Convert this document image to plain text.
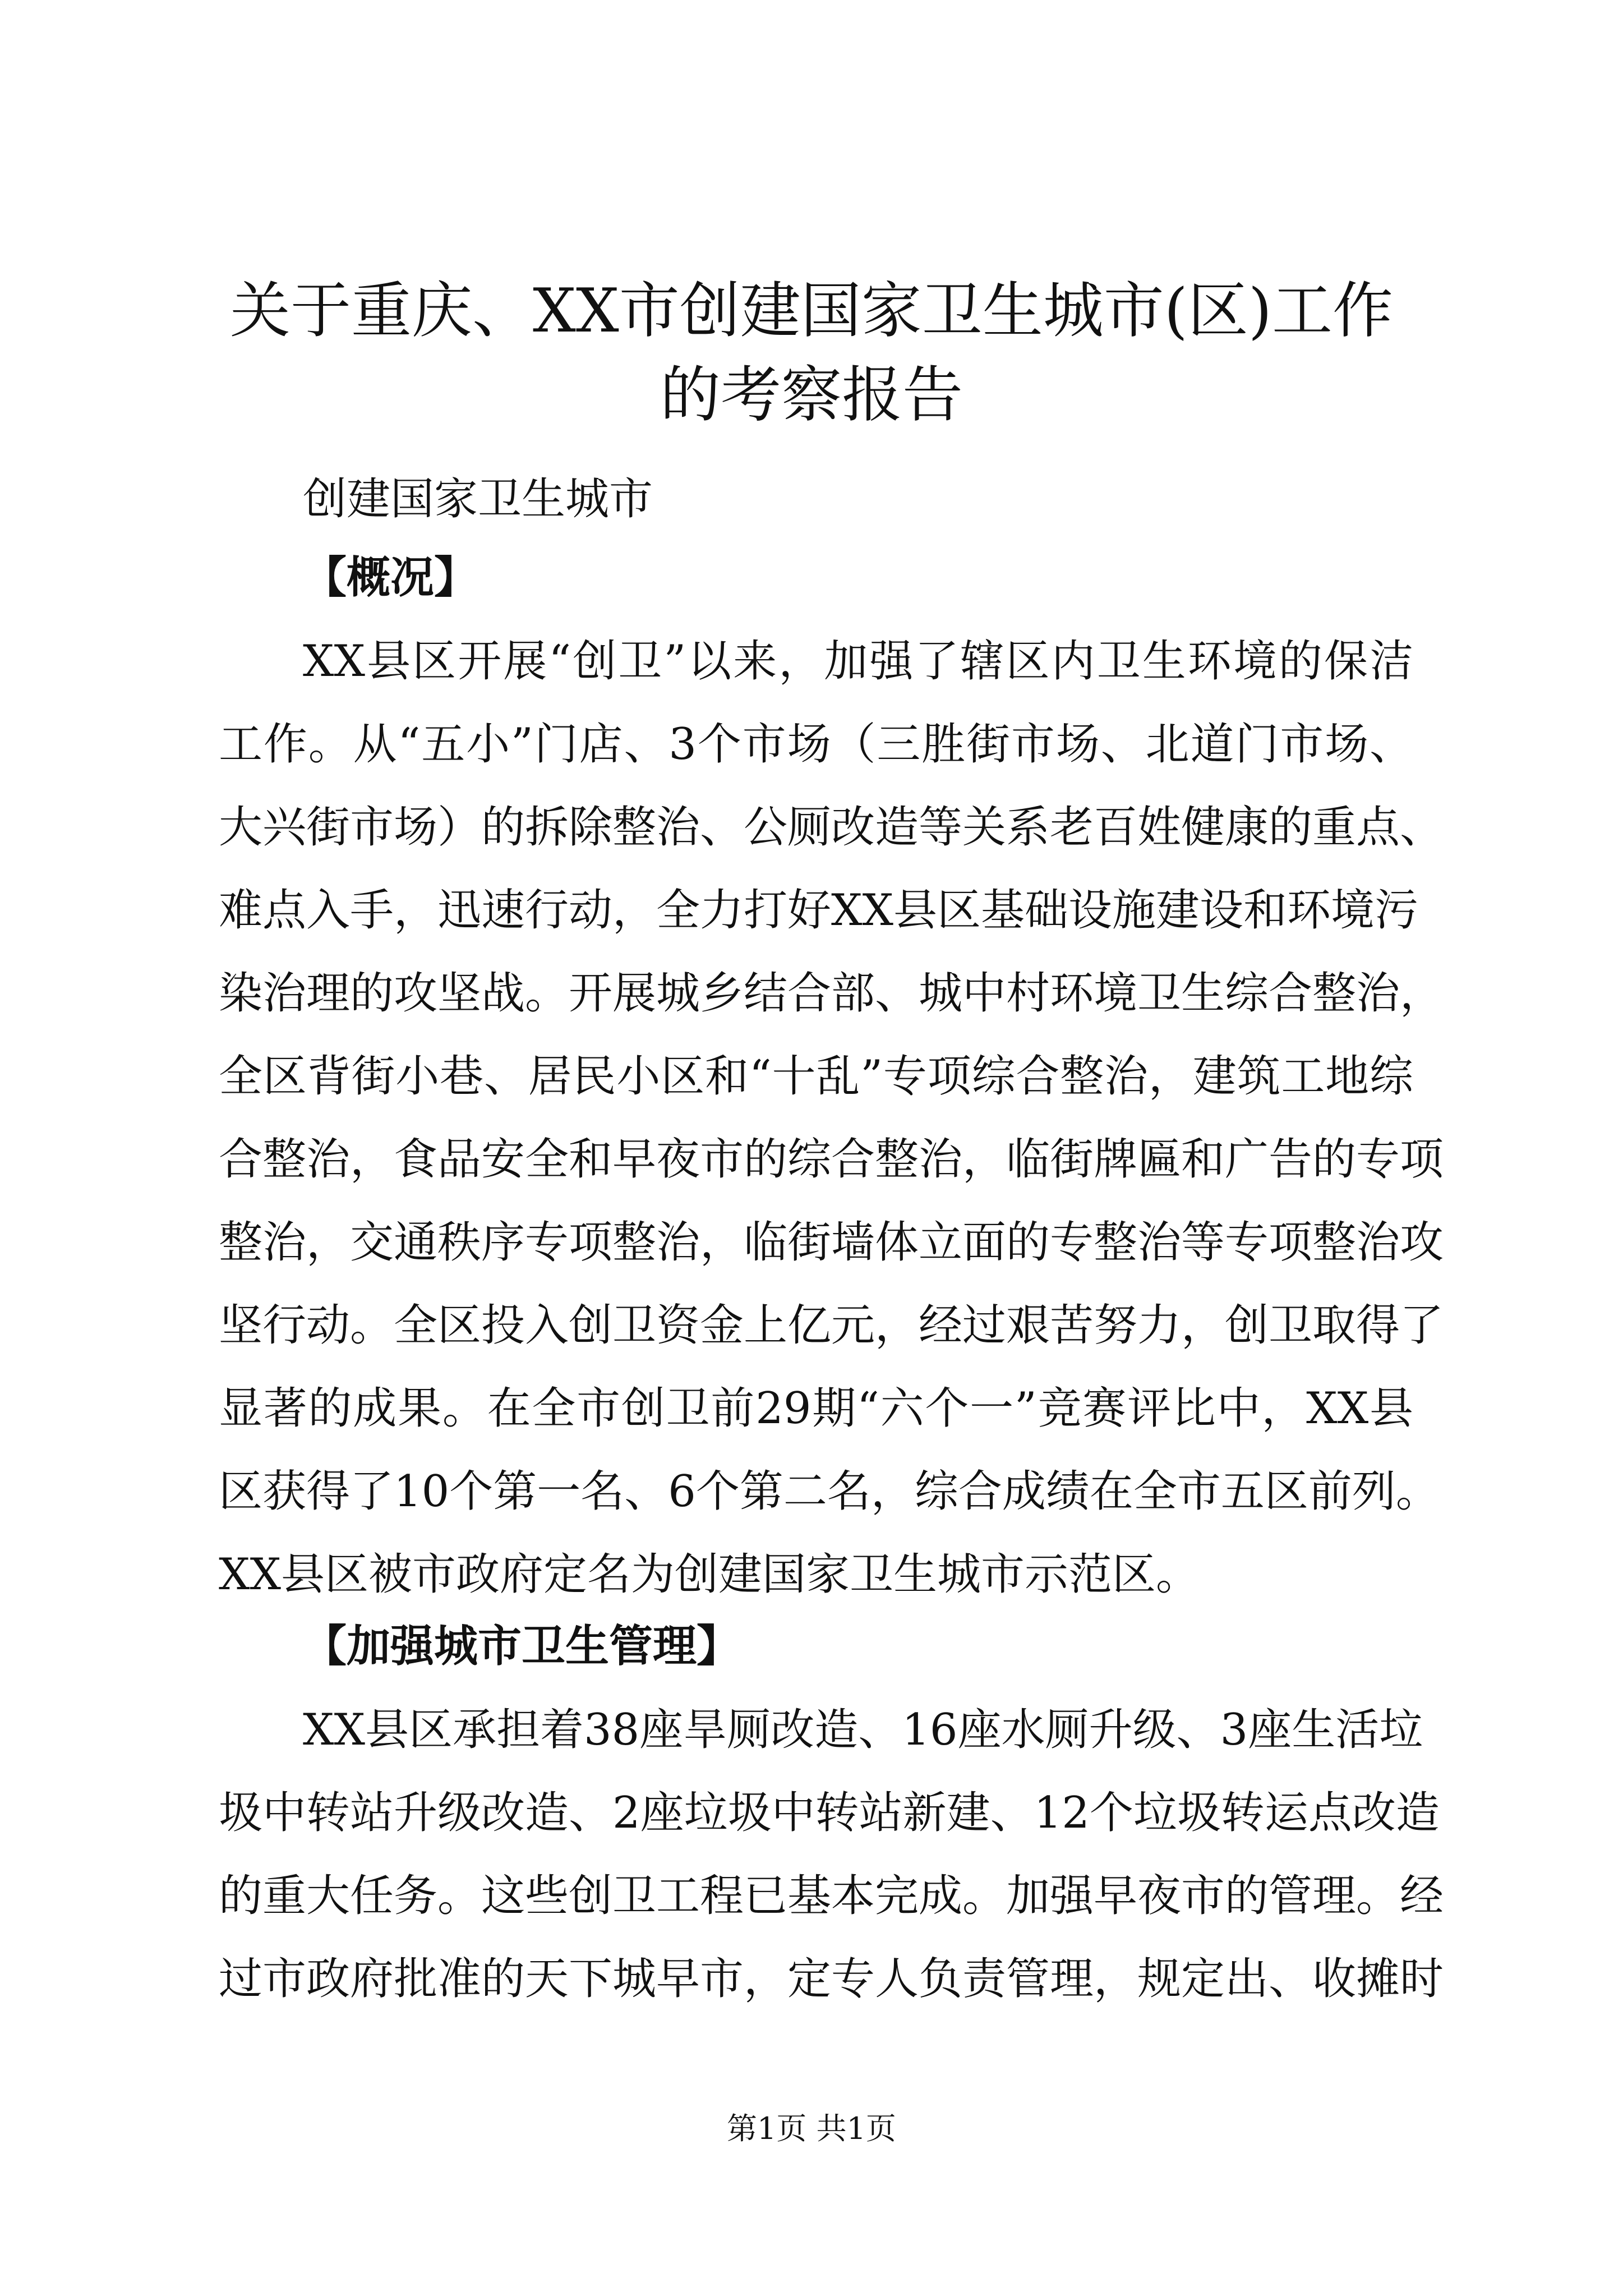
关于重庆、XX市创建国家卫生城市(区)工作
的考察报告

创建国家卫生城市

【概况】
XX县区开展“创卫”以来，加强了辖区内卫生环境的保洁
工作。从“五小”门店、3个市场（三胜街市场、北道门市场、
大兴街市场）的拆除整治、公厕改造等关系老百姓健康的重点、
难点入手，迅速行动，全力打好XX县区基础设施建设和环境污
染治理的攻坚战。开展城乡结合部、城中村环境卫生综合整治，
全区背街小巷、居民小区和“十乱”专项综合整治，建筑工地综
合整治，食品安全和早夜市的综合整治，临街牌匾和广告的专项
整治，交通秩序专项整治，临街墙体立面的专整治等专项整治攻
坚行动。全区投入创卫资金上亿元，经过艰苦努力，创卫取得了
显著的成果。在全市创卫前29期“六个一”竞赛评比中，XX县
区获得了10个第一名、6个第二名，综合成绩在全市五区前列。
XX县区被市政府定名为创建国家卫生城市示范区。
【加强城市卫生管理】
XX县区承担着38座旱厕改造、16座水厕升级、3座生活垃
圾中转站升级改造、2座垃圾中转站新建、12个垃圾转运点改造
的重大任务。这些创卫工程已基本完成。加强早夜市的管理。经
过市政府批准的天下城早市，定专人负责管理，规定出、收摊时
第1页 共1页
